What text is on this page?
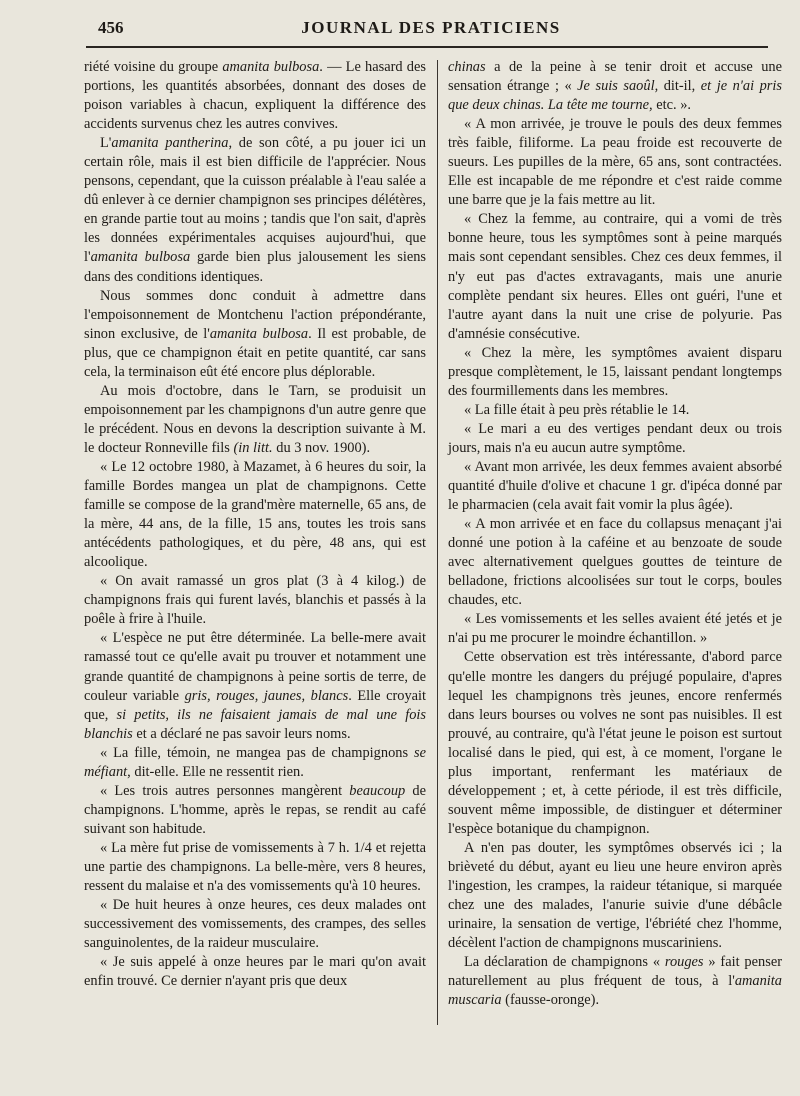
456	JOURNAL DES PRATICIENS

riété voisine du groupe amanita bulbosa. — Le hasard des portions, les quantités absorbées, donnant des doses de poison variables à chacun, expliquent la différence des accidents survenus chez les autres convives.

L'amanita pantherina, de son côté, a pu jouer ici un certain rôle, mais il est bien difficile de l'apprécier. Nous pensons, cependant, que la cuisson préalable à l'eau salée a dû enlever à ce dernier champignon ses principes délétères, en grande partie tout au moins ; tandis que l'on sait, d'après les données expérimentales acquises aujourd'hui, que l'amanita bulbosa garde bien plus jalousement les siens dans des conditions identiques.

Nous sommes donc conduit à admettre dans l'empoisonnement de Montchenu l'action prépondérante, sinon exclusive, de l'amanita bulbosa. Il est probable, de plus, que ce champignon était en petite quantité, car sans cela, la terminaison eût été encore plus déplorable.

Au mois d'octobre, dans le Tarn, se produisit un empoisonnement par les champignons d'un autre genre que le précédent. Nous en devons la description suivante à M. le docteur Ronneville fils (in litt. du 3 nov. 1900).

« Le 12 octobre 1980, à Mazamet, à 6 heures du soir, la famille Bordes mangea un plat de champignons. Cette famille se compose de la grand'mère maternelle, 65 ans, de la mère, 44 ans, de la fille, 15 ans, toutes les trois sans antécédents pathologiques, et du père, 48 ans, qui est alcoolique.

« On avait ramassé un gros plat (3 à 4 kilog.) de champignons frais qui furent lavés, blanchis et passés à la poêle à frire à l'huile.

« L'espèce ne put être déterminée. La belle-mere avait ramassé tout ce qu'elle avait pu trouver et notamment une grande quantité de champignons à peine sortis de terre, de couleur variable gris, rouges, jaunes, blancs. Elle croyait que, si petits, ils ne faisaient jamais de mal une fois blanchis et a déclaré ne pas savoir leurs noms.

« La fille, témoin, ne mangea pas de champignons se méfiant, dit-elle. Elle ne ressentit rien.

« Les trois autres personnes mangèrent beaucoup de champignons. L'homme, après le repas, se rendit au café suivant son habitude.

« La mère fut prise de vomissements à 7 h. 1/4 et rejetta une partie des champignons. La belle-mère, vers 8 heures, ressent du malaise et n'a des vomissements qu'à 10 heures.

« De huit heures à onze heures, ces deux malades ont successivement des vomissements, des crampes, des selles sanguinolentes, de la raideur musculaire.

« Je suis appelé à onze heures par le mari qu'on avait enfin trouvé. Ce dernier n'ayant pris que deux

chinas a de la peine à se tenir droit et accuse une sensation étrange ; « Je suis saoûl, dit-il, et je n'ai pris que deux chinas. La tête me tourne, etc. ».

« A mon arrivée, je trouve le pouls des deux femmes très faible, filiforme. La peau froide est recouverte de sueurs. Les pupilles de la mère, 65 ans, sont contractées. Elle est incapable de me répondre et c'est raide comme une barre que je la fais mettre au lit.

« Chez la femme, au contraire, qui a vomi de très bonne heure, tous les symptômes sont à peine marqués mais sont cependant sensibles. Chez ces deux femmes, il n'y eut pas d'actes extravagants, mais une anurie complète pendant six heures. Elles ont guéri, l'une et l'autre ayant dans la nuit une crise de polyurie. Pas d'amnésie consécutive.

« Chez la mère, les symptômes avaient disparu presque complètement, le 15, laissant pendant longtemps des fourmillements dans les membres.

« La fille était à peu près rétablie le 14.

« Le mari a eu des vertiges pendant deux ou trois jours, mais n'a eu aucun autre symptôme.

« Avant mon arrivée, les deux femmes avaient absorbé quantité d'huile d'olive et chacune 1 gr. d'ipéca donné par le pharmacien (cela avait fait vomir la plus âgée).

« A mon arrivée et en face du collapsus menaçant j'ai donné une potion à la caféine et au benzoate de soude avec alternativement quelgues gouttes de teinture de belladone, frictions alcoolisées sur tout le corps, boules chaudes, etc.

« Les vomissements et les selles avaient été jetés et je n'ai pu me procurer le moindre échantillon. »

Cette observation est très intéressante, d'abord parce qu'elle montre les dangers du préjugé populaire, d'apres lequel les champignons très jeunes, encore renfermés dans leurs bourses ou volves ne sont pas nuisibles. Il est prouvé, au contraire, qu'à l'état jeune le poison est surtout localisé dans le pied, qui est, à ce moment, l'organe le plus important, renfermant les matériaux de développement ; et, à cette période, il est très difficile, souvent même impossible, de distinguer et déterminer l'espèce botanique du champignon.

A n'en pas douter, les symptômes observés ici ; la brièveté du début, ayant eu lieu une heure environ après l'ingestion, les crampes, la raideur tétanique, si marquée chez une des malades, l'anurie suivie d'une débâcle urinaire, la sensation de vertige, l'ébriété chez l'homme, décèlent l'action de champignons muscariniens.

La déclaration de champignons « rouges » fait penser naturellement au plus fréquent de tous, à l'amanita muscaria (fausse-oronge).
